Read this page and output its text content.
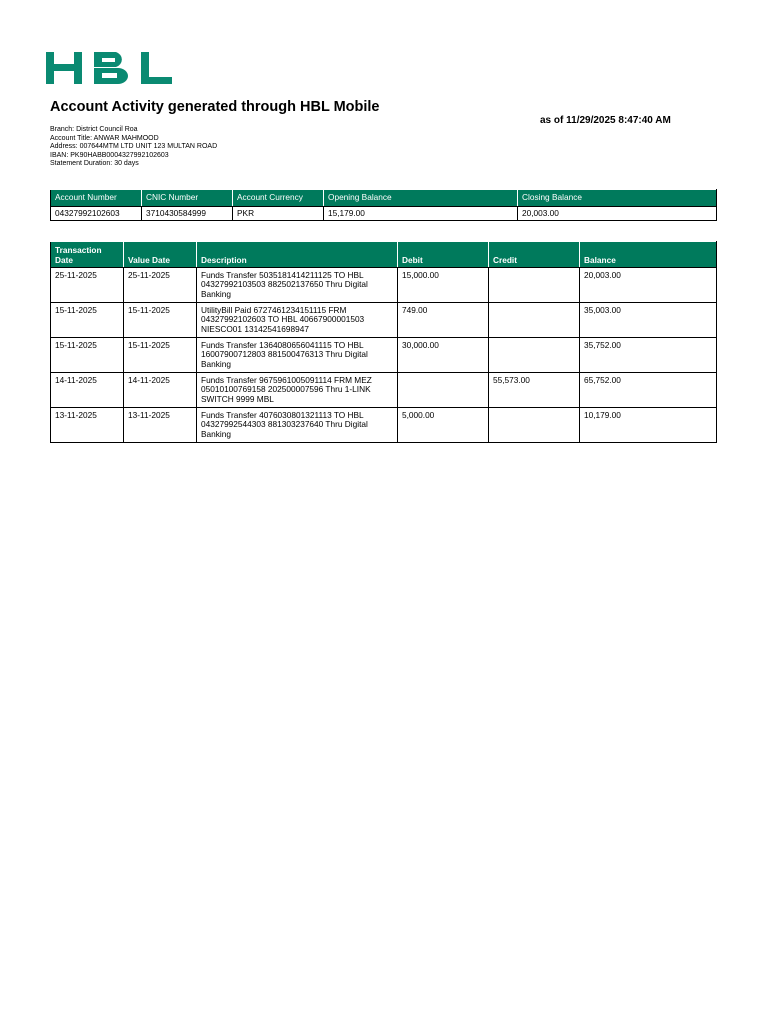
Account Activity generated through HBL Mobile
as of 11/29/2025 8:47:40 AM
Branch: District Council Roa
Account Title: ANWAR MAHMOOD
Address: 007644MTM LTD UNIT 123 MULTAN ROAD
IBAN: PK90HABB0004327992102603
Statement Duration: 30 days
Account Number	CNIC Number	Account Currency	Opening Balance	Closing Balance
04327992102603	3710430584999	PKR	15,179.00	20,003.00
Transaction Date	Value Date	Description	Debit	Credit	Balance
25-11-2025	25-11-2025	Funds Transfer 5035181414211125 TO HBL 04327992103503 882502137650 Thru Digital Banking	15,000.00		20,003.00
15-11-2025	15-11-2025	UtilityBill Paid 6727461234151115 FRM 04327992102603 TO HBL 40667900001503 NIESCO01 13142541698947	749.00		35,003.00
15-11-2025	15-11-2025	Funds Transfer 1364080656041115 TO HBL 16007900712803 881500476313 Thru Digital Banking	30,000.00		35,752.00
14-11-2025	14-11-2025	Funds Transfer 9675961005091114 FRM MEZ 05010100769158 202500007596 Thru 1-LINK SWITCH 9999 MBL		55,573.00	65,752.00
13-11-2025	13-11-2025	Funds Transfer 4076030801321113 TO HBL 04327992544303 881303237640 Thru Digital Banking	5,000.00		10,179.00
